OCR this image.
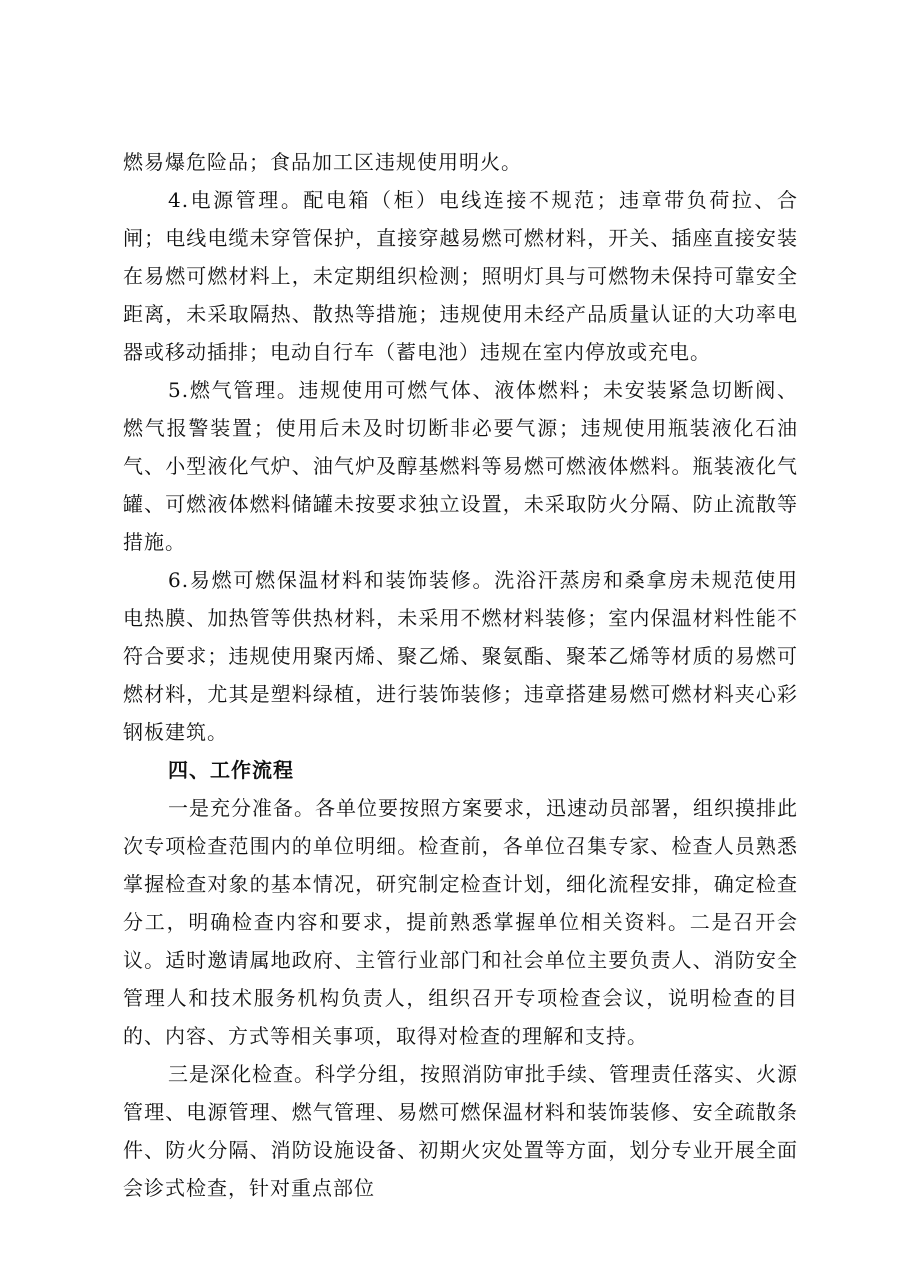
燃易爆危险品；食品加工区违规使用明火。

4.电源管理。配电箱（柜）电线连接不规范；违章带负荷拉、合闸；电线电缆未穿管保护，直接穿越易燃可燃材料，开关、插座直接安装在易燃可燃材料上，未定期组织检测；照明灯具与可燃物未保持可靠安全距离，未采取隔热、散热等措施；违规使用未经产品质量认证的大功率电器或移动插排；电动自行车（蓄电池）违规在室内停放或充电。

5.燃气管理。违规使用可燃气体、液体燃料；未安装紧急切断阀、燃气报警装置；使用后未及时切断非必要气源；违规使用瓶装液化石油气、小型液化气炉、油气炉及醇基燃料等易燃可燃液体燃料。瓶装液化气罐、可燃液体燃料储罐未按要求独立设置，未采取防火分隔、防止流散等措施。

6.易燃可燃保温材料和装饰装修。洗浴汗蒸房和桑拿房未规范使用电热膜、加热管等供热材料，未采用不燃材料装修；室内保温材料性能不符合要求；违规使用聚丙烯、聚乙烯、聚氨酯、聚苯乙烯等材质的易燃可燃材料，尤其是塑料绿植，进行装饰装修；违章搭建易燃可燃材料夹心彩钢板建筑。

四、工作流程

一是充分准备。各单位要按照方案要求，迅速动员部署，组织摸排此次专项检查范围内的单位明细。检查前，各单位召集专家、检查人员熟悉掌握检查对象的基本情况，研究制定检查计划，细化流程安排，确定检查分工，明确检查内容和要求，提前熟悉掌握单位相关资料。二是召开会议。适时邀请属地政府、主管行业部门和社会单位主要负责人、消防安全管理人和技术服务机构负责人，组织召开专项检查会议，说明检查的目的、内容、方式等相关事项，取得对检查的理解和支持。

三是深化检查。科学分组，按照消防审批手续、管理责任落实、火源管理、电源管理、燃气管理、易燃可燃保温材料和装饰装修、安全疏散条件、防火分隔、消防设施设备、初期火灾处置等方面，划分专业开展全面会诊式检查，针对重点部位
